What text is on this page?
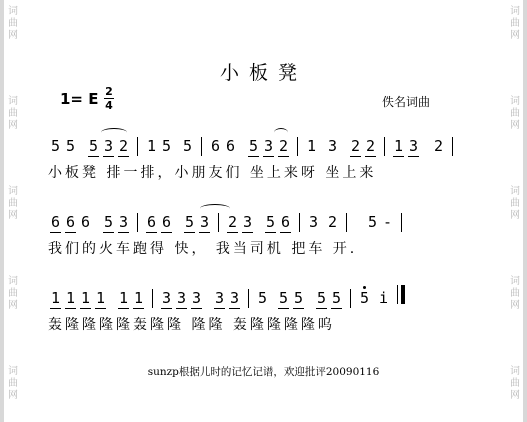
词
曲
网
词
曲
网
词
曲
网
词
曲
网
词
曲
网
词
曲
网
词
曲
网
词
曲
网
词
曲
网
词
曲
网
小板凳
1= E 2
4	佚名词曲
5 5 5 3 2 1 5 5 6 6 5 3 2 1 3 2 2 1 3 2
小板凳 排一排，小朋友们 坐上来呀 坐上来
6 6 6 5 3 6 6 5 3 2 3 5 6 3 2 5 -
我们的火车跑得 快， 我当司机 把车 开.
1 1 1 1 1 1 3 3 3 3 3 5 5 5 5 5 5 i
轰隆隆隆隆轰隆隆 隆隆 轰隆隆隆隆呜
sunzp根据儿时的记忆记谱，欢迎批评20090116
